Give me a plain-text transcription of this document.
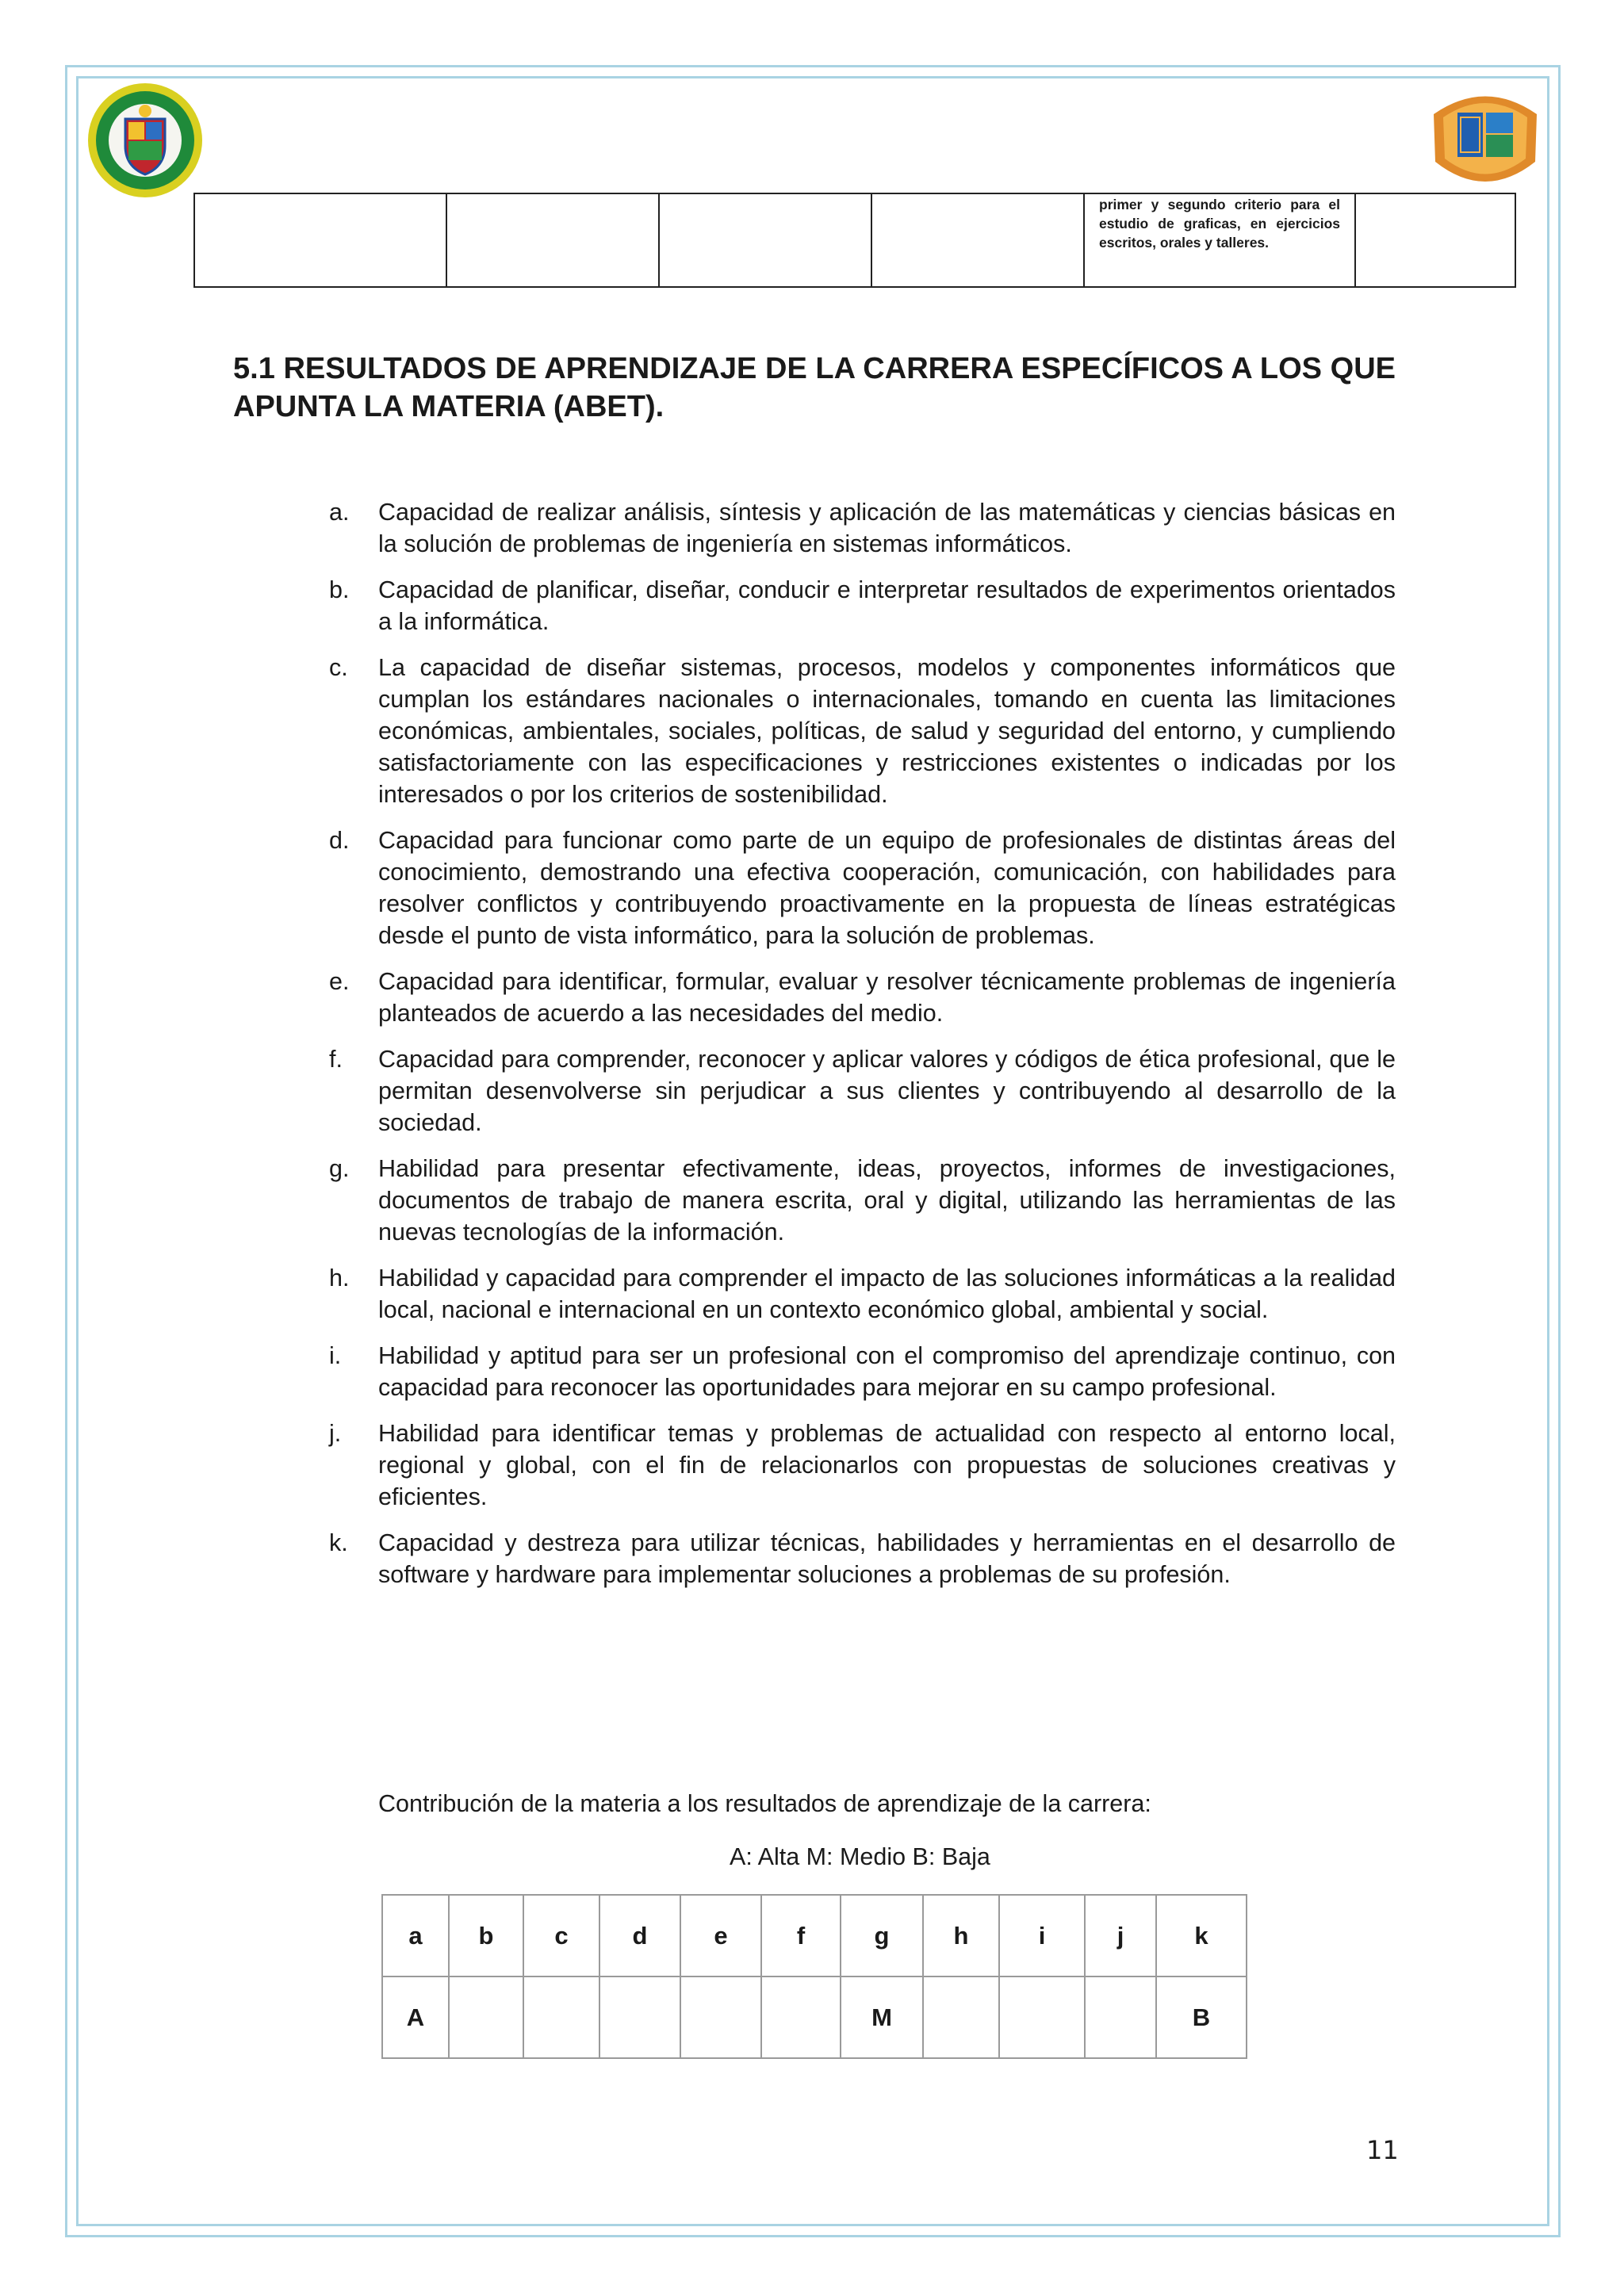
				primer y segundo criterio para el estudio de graficas, en ejercicios escritos, orales y talleres.	
5.1 RESULTADOS DE APRENDIZAJE DE LA CARRERA ESPECÍFICOS A LOS QUE APUNTA LA MATERIA (ABET).
a. Capacidad de realizar análisis, síntesis y aplicación de las matemáticas y ciencias básicas en la solución de problemas de ingeniería en sistemas informáticos.
b. Capacidad de planificar, diseñar, conducir e interpretar resultados de experimentos orientados a la informática.
c. La capacidad de diseñar sistemas, procesos, modelos y componentes informáticos que cumplan los estándares nacionales o internacionales, tomando en cuenta las limitaciones económicas, ambientales, sociales, políticas, de salud y seguridad del entorno, y cumpliendo satisfactoriamente con las especificaciones y restricciones existentes o indicadas por los interesados o por los criterios de sostenibilidad.
d. Capacidad para funcionar como parte de un equipo de profesionales de distintas áreas del conocimiento, demostrando una efectiva cooperación, comunicación, con habilidades para resolver conflictos y contribuyendo proactivamente en la propuesta de líneas estratégicas desde el punto de vista informático, para la solución de problemas.
e. Capacidad para identificar, formular, evaluar y resolver técnicamente problemas de ingeniería planteados de acuerdo a las necesidades del medio.
f. Capacidad para comprender, reconocer y aplicar valores y códigos de ética profesional, que le permitan desenvolverse sin perjudicar a sus clientes y contribuyendo al desarrollo de la sociedad.
g. Habilidad para presentar efectivamente, ideas, proyectos, informes de investigaciones, documentos de trabajo de manera escrita, oral y digital, utilizando las herramientas de las nuevas tecnologías de la información.
h. Habilidad y capacidad para comprender el impacto de las soluciones informáticas a la realidad local, nacional e internacional en un contexto económico global, ambiental y social.
i. Habilidad y aptitud para ser un profesional con el compromiso del aprendizaje continuo, con capacidad para reconocer las oportunidades para mejorar en su campo profesional.
j. Habilidad para identificar temas y problemas de actualidad con respecto al entorno local, regional y global, con el fin de relacionarlos con propuestas de soluciones creativas y eficientes.
k. Capacidad y destreza para utilizar técnicas, habilidades y herramientas en el desarrollo de software y hardware para implementar soluciones a problemas de su profesión.

Contribución de la materia a los resultados de aprendizaje de la carrera:

A: Alta M: Medio B: Baja

a	b	c	d	e	f	g	h	i	j	k
A						M				B

11
